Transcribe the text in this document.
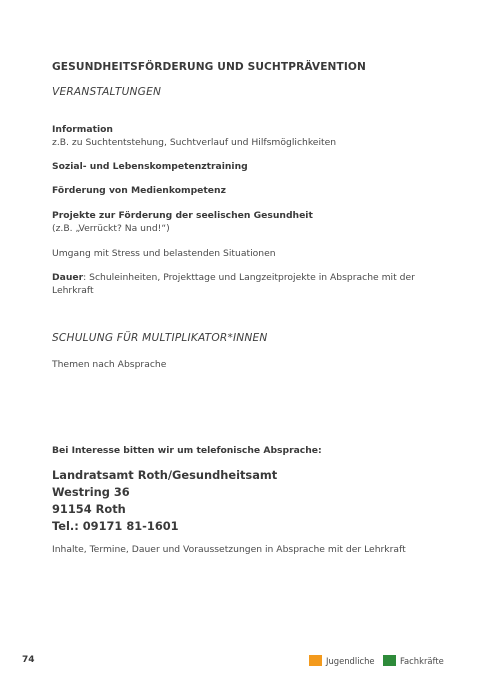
GESUNDHEITSFÖRDERUNG UND SUCHTPRÄVENTION
VERANSTALTUNGEN
Information
z.B. zu Suchtentstehung, Suchtverlauf und Hilfsmöglichkeiten
Sozial- und Lebenskompetenztraining
Förderung von Medienkompetenz
Projekte zur Förderung der seelischen Gesundheit
(z.B. „Verrückt? Na und!“)
Umgang mit Stress und belastenden Situationen
Dauer: Schuleinheiten, Projekttage und Langzeitprojekte in Absprache mit der Lehrkraft
SCHULUNG FÜR MULTIPLIKATOR*INNEN
Themen nach Absprache
Bei Interesse bitten wir um telefonische Absprache:
Landratsamt Roth/Gesundheitsamt
Westring 36
91154 Roth
Tel.: 09171 81-1601
Inhalte, Termine, Dauer und Voraussetzungen in Absprache mit der Lehrkraft
74	Jugendliche	Fachkräfte
